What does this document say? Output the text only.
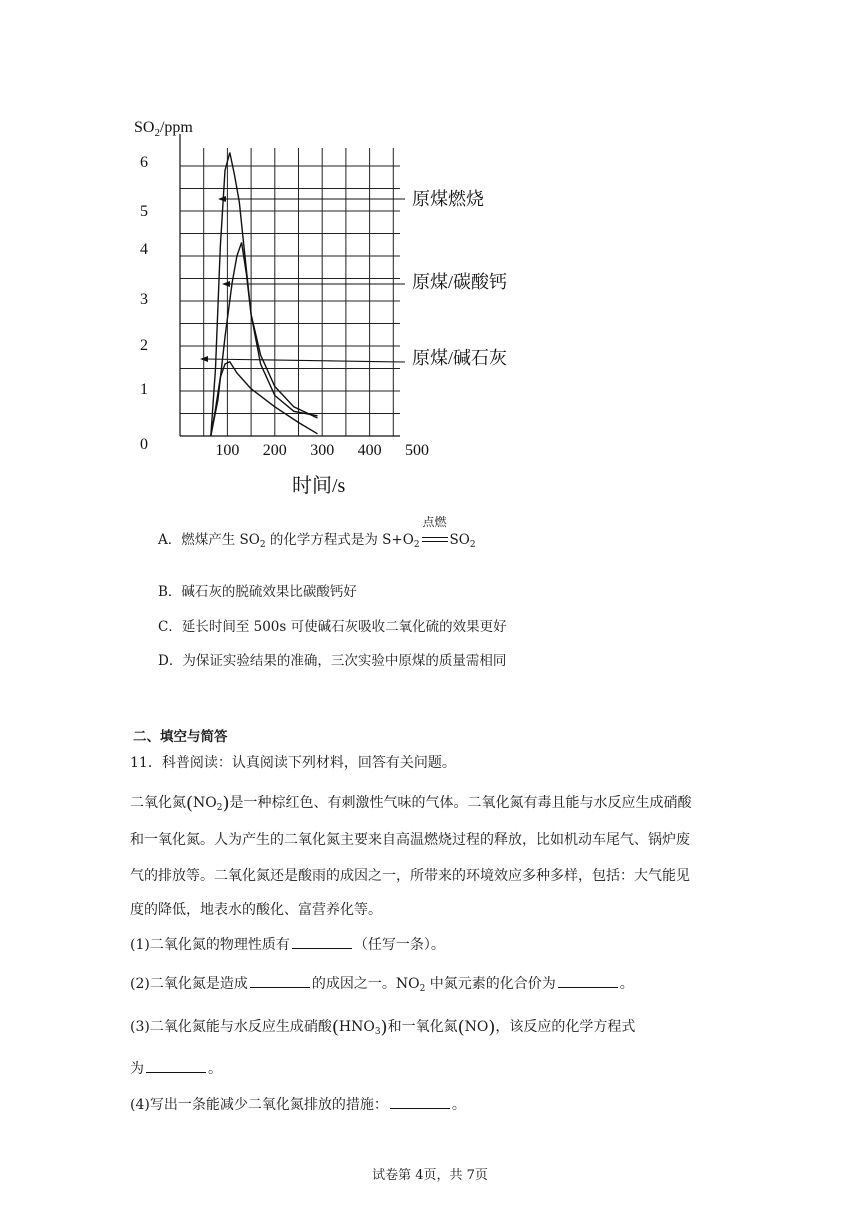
0
1
2
3
4
5
6
100 200 300 400 500
$SO_2$/ppm
时间/s
原煤燃烧
原煤/碳酸钙
原煤/碱石灰
A．燃煤产生 $SO_2$ 的化学方程式是为 $S+O_2$
点燃
$SO_2$
B．碱石灰的脱硫效果比碳酸钙好
C．延长时间至 500s 可使碱石灰吸收二氧化硫的效果更好
D．为保证实验结果的准确，三次实验中原煤的质量需相同
二、填空与简答
11．科普阅读：认真阅读下列材料，回答有关问题。
二氧化氮$(NO_2)$是一种棕红色、有刺激性气味的气体。二氧化氮有毒且能与水反应生成硝酸
和一氧化氮。人为产生的二氧化氮主要来自高温燃烧过程的释放，比如机动车尾气、锅炉废
气的排放等。二氧化氮还是酸雨的成因之一，所带来的环境效应多种多样，包括：大气能见
度的降低，地表水的酸化、富营养化等。
(1)二氧化氮的物理性质有	（任写一条）。
(2)二氧化氮是造成	的成因之一。$NO_2$ 中氮元素的化合价为	。
(3)二氧化氮能与水反应生成硝酸$(HNO_3)$和一氧化氮(NO)，该反应的化学方程式
为	。
(4)写出一条能减少二氧化氮排放的措施：	。
试卷第 4页，共 7页
